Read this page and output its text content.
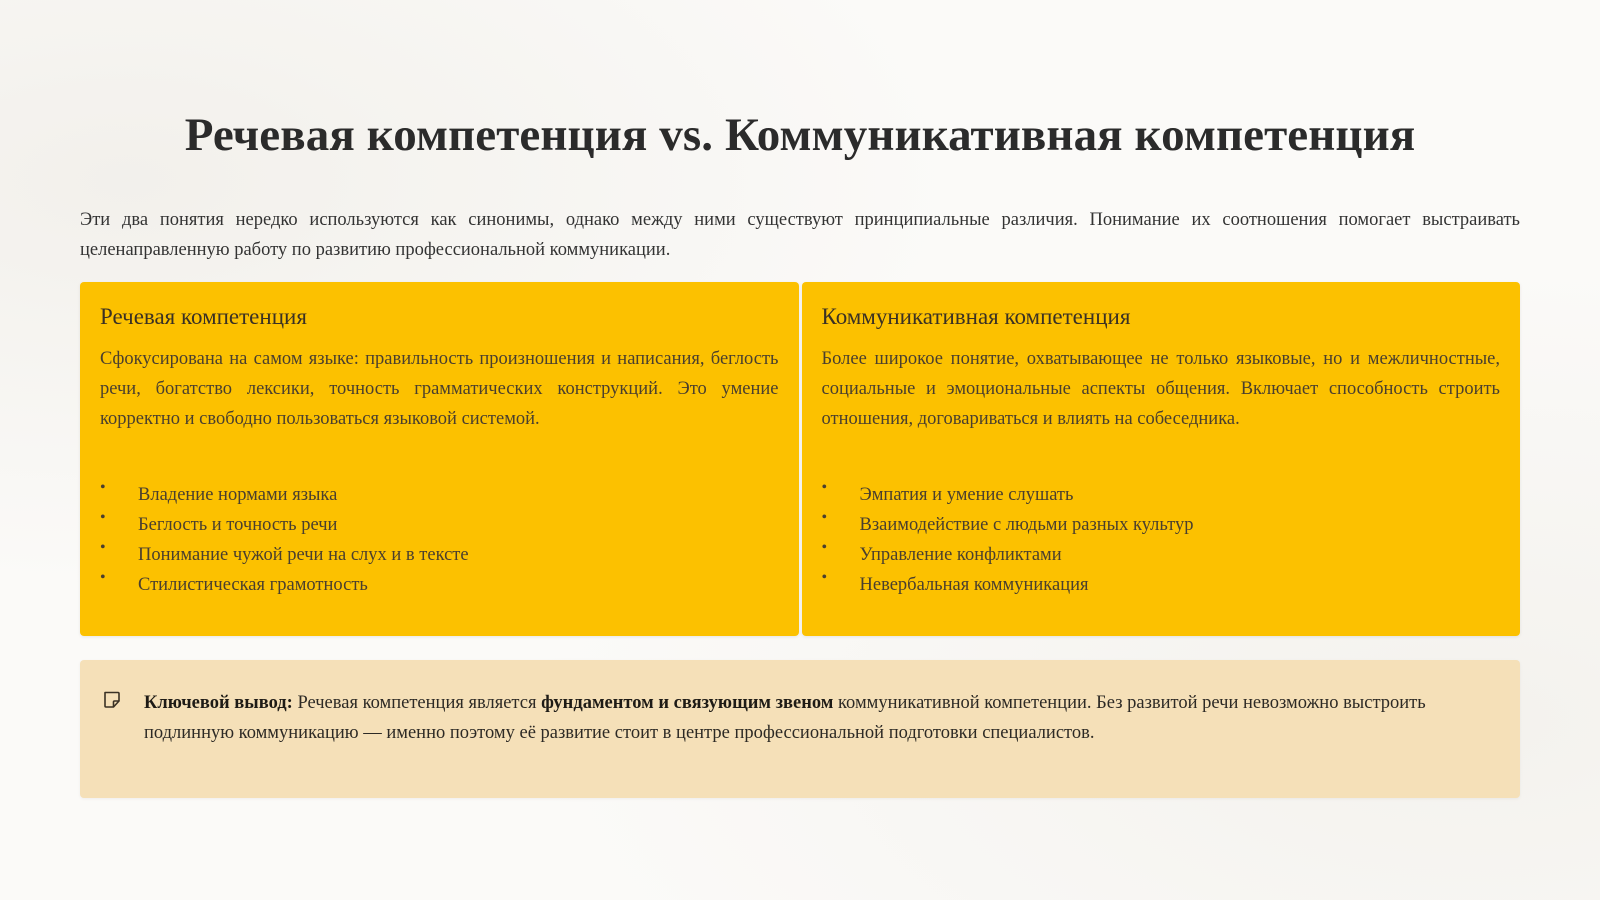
Речевая компетенция vs. Коммуникативная компетенция

Эти два понятия нередко используются как синонимы, однако между ними существуют принципиальные различия. Понимание их соотношения помогает выстраивать целенаправленную работу по развитию профессиональной коммуникации.

Речевая компетенция

Сфокусирована на самом языке: правильность произношения и написания, беглость речи, богатство лексики, точность грамматических конструкций. Это умение корректно и свободно пользоваться языковой системой.

• Владение нормами языка
• Беглость и точность речи
• Понимание чужой речи на слух и в тексте
• Стилистическая грамотность
Коммуникативная компетенция

Более широкое понятие, охватывающее не только языковые, но и межличностные, социальные и эмоциональные аспекты общения. Включает способность строить отношения, договариваться и влиять на собеседника.

• Эмпатия и умение слушать
• Взаимодействие с людьми разных культур
• Управление конфликтами
• Невербальная коммуникация

Ключевой вывод: Речевая компетенция является фундаментом и связующим звеном коммуникативной компетенции. Без развитой речи невозможно выстроить подлинную коммуникацию — именно поэтому её развитие стоит в центре профессиональной подготовки специалистов.
